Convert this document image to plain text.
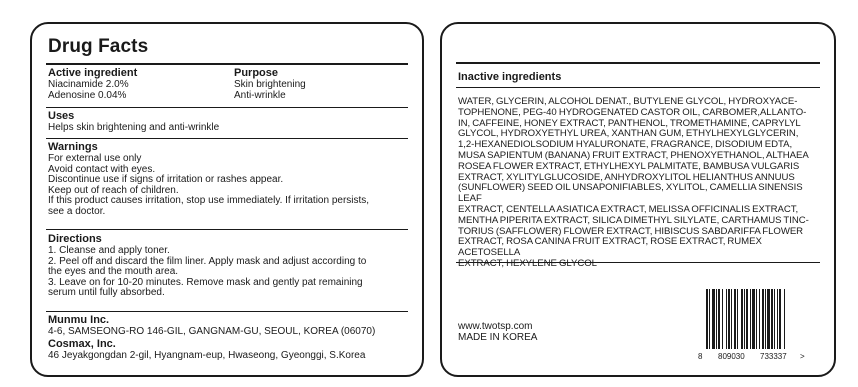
Drug Facts
Active ingredient	Purpose
Niacinamide 2.0%	Skin brightening
Adenosine 0.04%	Anti-wrinkle
Uses
Helps skin brightening and anti-wrinkle
Warnings
For external use only
Avoid contact with eyes.
Discontinue use if signs of irritation or rashes appear.
Keep out of reach of children.
If this product causes irritation, stop use immediately. If irritation persists,
see a doctor.
Directions
1. Cleanse and apply toner.
2. Peel off and discard the film liner. Apply mask and adjust according to
the eyes and the mouth area.
3. Leave on for 10-20 minutes. Remove mask and gently pat remaining
serum until fully absorbed.
Munmu Inc.
4-6, SAMSEONG-RO 146-GIL, GANGNAM-GU, SEOUL, KOREA (06070)
Cosmax, Inc.
46 Jeyakgongdan 2-gil, Hyangnam-eup, Hwaseong, Gyeonggi, S.Korea
Inactive ingredients
WATER, GLYCERIN, ALCOHOL DENAT., BUTYLENE GLYCOL, HYDROXYACE-
TOPHENONE, PEG-40 HYDROGENATED CASTOR OIL, CARBOMER,ALLANTO-
IN, CAFFEINE, HONEY EXTRACT, PANTHENOL, TROMETHAMINE, CAPRYLYL
GLYCOL, HYDROXYETHYL UREA, XANTHAN GUM, ETHYLHEXYLGLYCERIN,
1,2-HEXANEDIOLSODIUM HYALURONATE, FRAGRANCE, DISODIUM EDTA,
MUSA SAPIENTUM (BANANA) FRUIT EXTRACT, PHENOXYETHANOL, ALTHAEA
ROSEA FLOWER EXTRACT, ETHYLHEXYL PALMITATE, BAMBUSA VULGARIS
EXTRACT, XYLITYLGLUCOSIDE, ANHYDROXYLITOL HELIANTHUS ANNUUS
(SUNFLOWER) SEED OIL UNSAPONIFIABLES, XYLITOL, CAMELLIA SINENSIS LEAF
EXTRACT, CENTELLA ASIATICA EXTRACT, MELISSA OFFICINALIS EXTRACT,
MENTHA PIPERITA EXTRACT, SILICA DIMETHYL SILYLATE, CARTHAMUS TINC-
TORIUS (SAFFLOWER) FLOWER EXTRACT, HIBISCUS SABDARIFFA FLOWER
EXTRACT, ROSA CANINA FRUIT EXTRACT, ROSE EXTRACT, RUMEX ACETOSELLA
EXTRACT, HEXYLENE GLYCOL
www.twotsp.com
MADE IN KOREA
8 809030 733337 >
